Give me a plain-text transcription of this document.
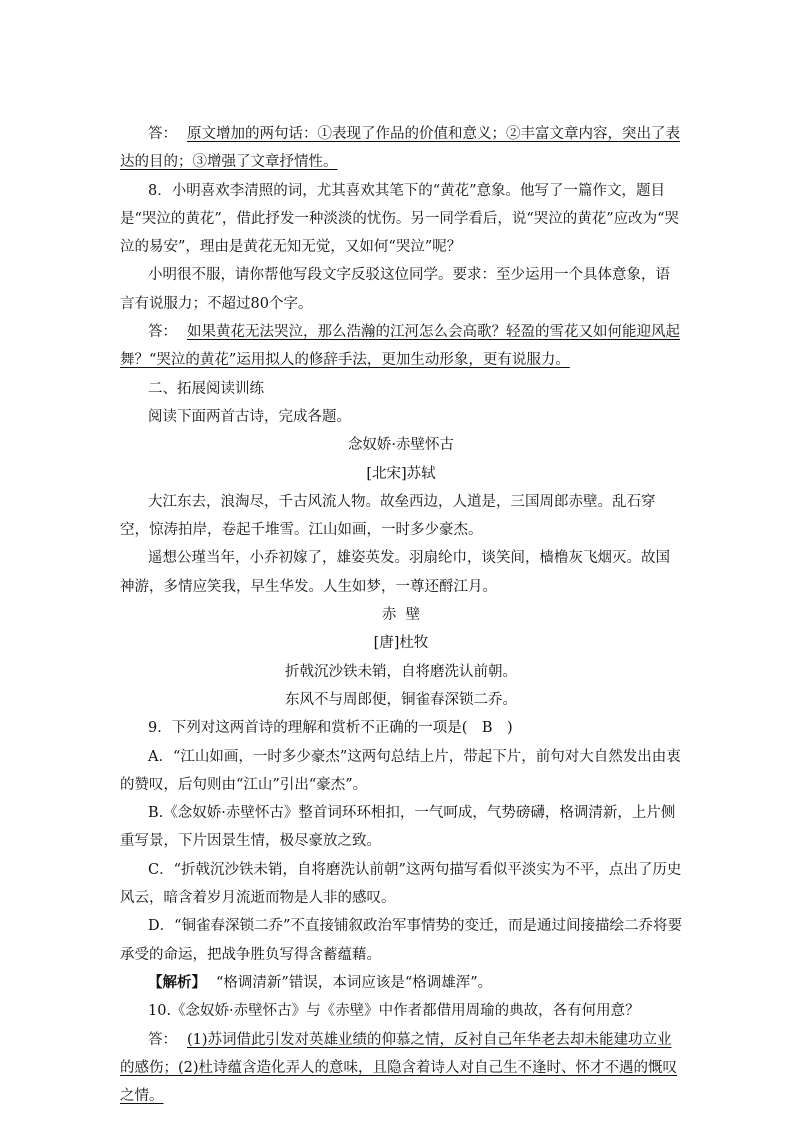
答： 原文增加的两句话：①表现了作品的价值和意义；②丰富文章内容，突出了表达的目的；③增强了文章抒情性。

8．小明喜欢李清照的词，尤其喜欢其笔下的“黄花”意象。他写了一篇作文，题目是“哭泣的黄花”，借此抒发一种淡淡的忧伤。另一同学看后，说“哭泣的黄花”应改为“哭泣的易安”，理由是黄花无知无觉，又如何“哭泣”呢？

小明很不服，请你帮他写段文字反驳这位同学。要求：至少运用一个具体意象，语言有说服力；不超过80个字。

答： 如果黄花无法哭泣，那么浩瀚的江河怎么会高歌？轻盈的雪花又如何能迎风起舞？“哭泣的黄花”运用拟人的修辞手法，更加生动形象，更有说服力。

二、拓展阅读训练

阅读下面两首古诗，完成各题。

念奴娇·赤壁怀古

[北宋]苏轼

大江东去，浪淘尽，千古风流人物。故垒西边，人道是，三国周郎赤壁。乱石穿空，惊涛拍岸，卷起千堆雪。江山如画，一时多少豪杰。

遥想公瑾当年，小乔初嫁了，雄姿英发。羽扇纶巾，谈笑间，樯橹灰飞烟灭。故国神游，多情应笑我，早生华发。人生如梦，一尊还酹江月。

赤  壁

[唐]杜牧

折戟沉沙铁未销，自将磨洗认前朝。

东风不与周郎便，铜雀春深锁二乔。

9．下列对这两首诗的理解和赏析不正确的一项是(　B　)

A．“江山如画，一时多少豪杰”这两句总结上片，带起下片，前句对大自然发出由衷的赞叹，后句则由“江山”引出“豪杰”。

B.《念奴娇·赤壁怀古》整首词环环相扣，一气呵成，气势磅礴，格调清新，上片侧重写景，下片因景生情，极尽豪放之致。

C．“折戟沉沙铁未销，自将磨洗认前朝”这两句描写看似平淡实为不平，点出了历史风云，暗含着岁月流逝而物是人非的感叹。

D．“铜雀春深锁二乔”不直接铺叙政治军事情势的变迁，而是通过间接描绘二乔将要承受的命运，把战争胜负写得含蓄蕴藉。

【解析】 “格调清新”错误，本词应该是“格调雄浑”。

10.《念奴娇·赤壁怀古》与《赤壁》中作者都借用周瑜的典故，各有何用意？

答： (1)苏词借此引发对英雄业绩的仰慕之情，反衬自己年华老去却未能建功立业的感伤；(2)杜诗蕴含造化弄人的意味，且隐含着诗人对自己生不逢时、怀才不遇的慨叹之情。
